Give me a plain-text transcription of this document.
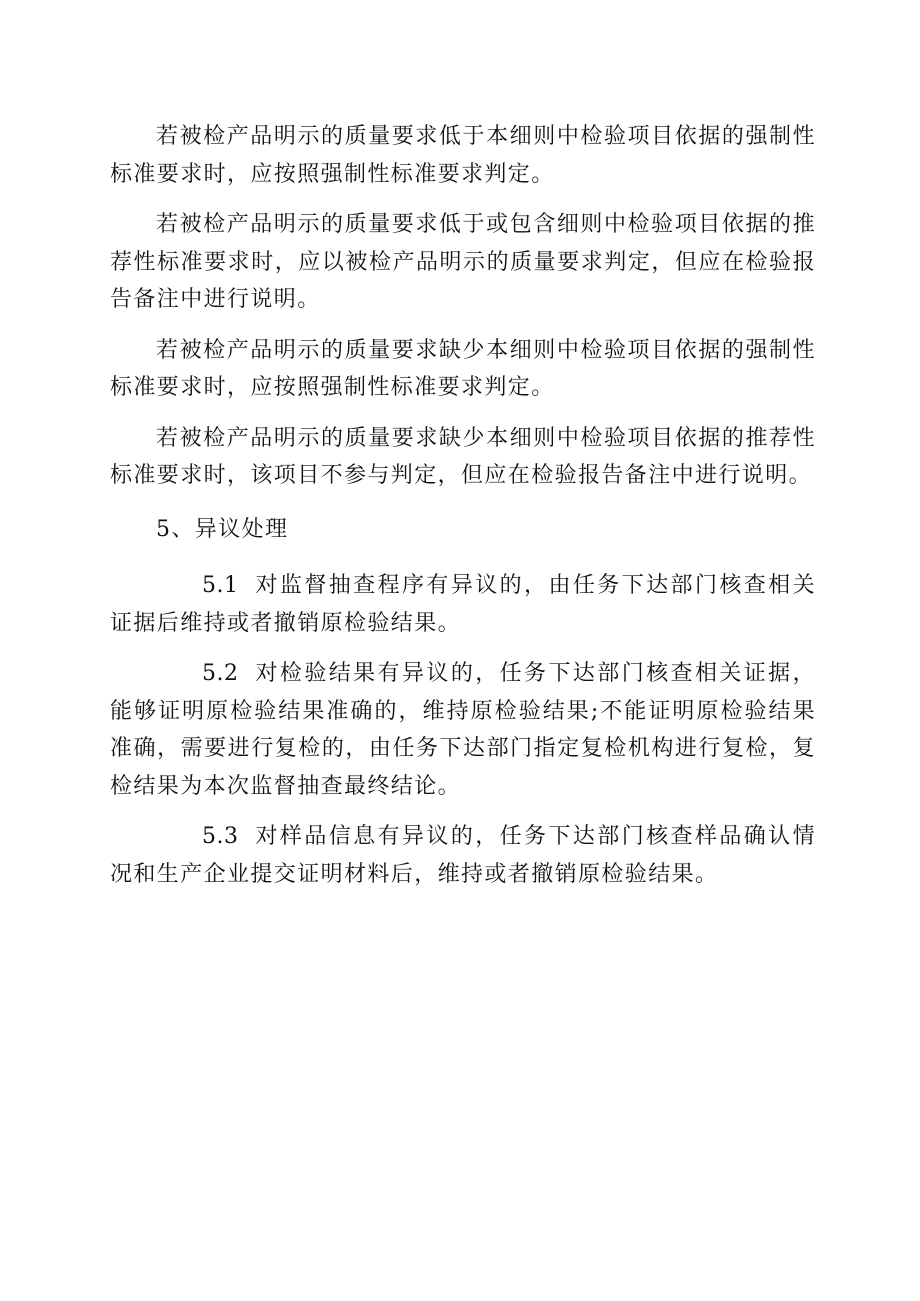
若被检产品明示的质量要求低于本细则中检验项目依据的强制性标准要求时，应按照强制性标准要求判定。

若被检产品明示的质量要求低于或包含细则中检验项目依据的推荐性标准要求时，应以被检产品明示的质量要求判定，但应在检验报告备注中进行说明。

若被检产品明示的质量要求缺少本细则中检验项目依据的强制性标准要求时，应按照强制性标准要求判定。

若被检产品明示的质量要求缺少本细则中检验项目依据的推荐性标准要求时，该项目不参与判定，但应在检验报告备注中进行说明。

5、异议处理

5.1 对监督抽查程序有异议的，由任务下达部门核查相关证据后维持或者撤销原检验结果。

5.2 对检验结果有异议的，任务下达部门核查相关证据，能够证明原检验结果准确的，维持原检验结果;不能证明原检验结果准确，需要进行复检的，由任务下达部门指定复检机构进行复检，复检结果为本次监督抽查最终结论。

5.3 对样品信息有异议的，任务下达部门核查样品确认情况和生产企业提交证明材料后，维持或者撤销原检验结果。
